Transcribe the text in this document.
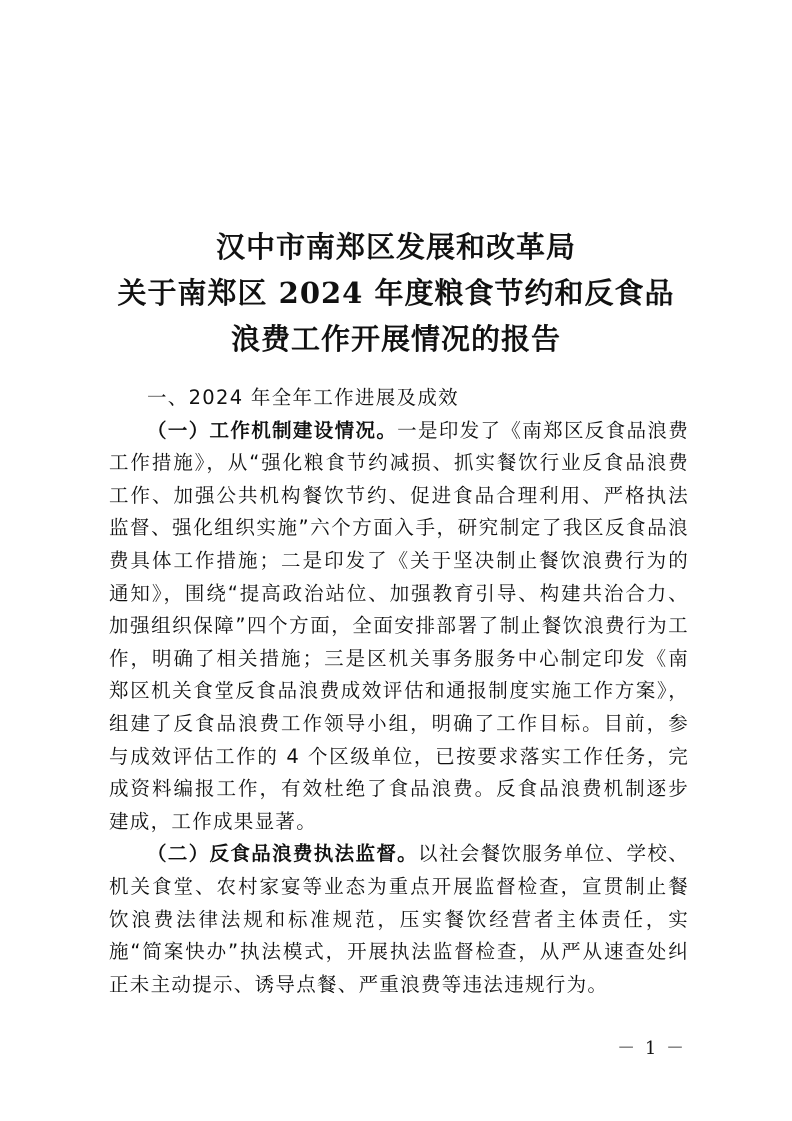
汉中市南郑区发展和改革局
关于南郑区 2024 年度粮食节约和反食品
浪费工作开展情况的报告
一、2024 年全年工作进展及成效

（一）工作机制建设情况。一是印发了《南郑区反食品浪费工作措施》，从“强化粮食节约减损、抓实餐饮行业反食品浪费工作、加强公共机构餐饮节约、促进食品合理利用、严格执法监督、强化组织实施”六个方面入手，研究制定了我区反食品浪费具体工作措施；二是印发了《关于坚决制止餐饮浪费行为的通知》，围绕“提高政治站位、加强教育引导、构建共治合力、加强组织保障”四个方面，全面安排部署了制止餐饮浪费行为工作，明确了相关措施；三是区机关事务服务中心制定印发《南郑区机关食堂反食品浪费成效评估和通报制度实施工作方案》，组建了反食品浪费工作领导小组，明确了工作目标。目前，参与成效评估工作的 4 个区级单位，已按要求落实工作任务，完成资料编报工作，有效杜绝了食品浪费。反食品浪费机制逐步建成，工作成果显著。

（二）反食品浪费执法监督。以社会餐饮服务单位、学校、机关食堂、农村家宴等业态为重点开展监督检查，宣贯制止餐饮浪费法律法规和标准规范，压实餐饮经营者主体责任，实施“简案快办”执法模式，开展执法监督检查，从严从速查处纠正未主动提示、诱导点餐、严重浪费等违法违规行为。

－ 1 －
